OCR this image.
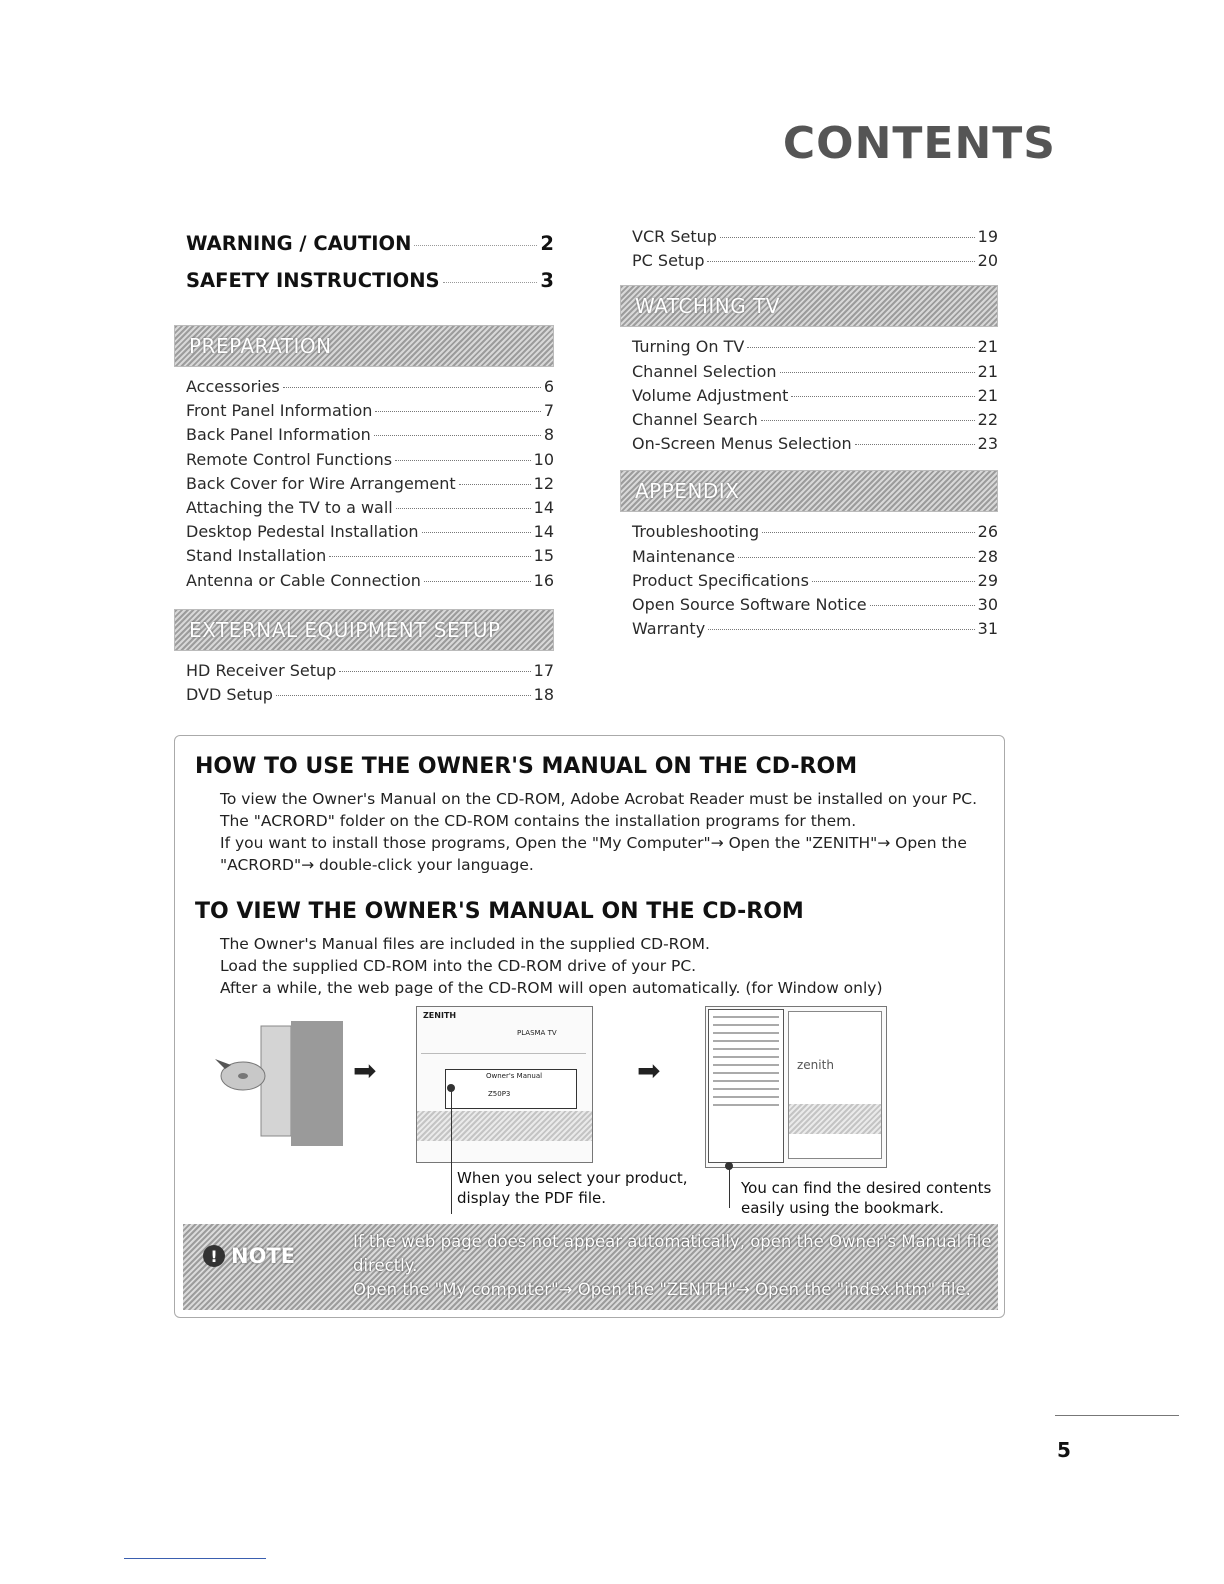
CONTENTS
WARNING / CAUTION	2
SAFETY INSTRUCTIONS	3
PREPARATION
Accessories	6
Front Panel Information	7
Back Panel Information	8
Remote Control Functions	10
Back Cover for Wire Arrangement	12
Attaching the TV to a wall	14
Desktop Pedestal Installation	14
Stand Installation	15
Antenna or Cable Connection	16
EXTERNAL EQUIPMENT SETUP
HD Receiver Setup	17
DVD Setup	18
VCR Setup	19
PC Setup	20
WATCHING TV
Turning On TV	21
Channel Selection	21
Volume Adjustment	21
Channel Search	22
On-Screen Menus Selection	23
APPENDIX
Troubleshooting	26
Maintenance	28
Product Specifications	29
Open Source Software Notice	30
Warranty	31
HOW TO USE THE OWNER'S MANUAL ON THE CD-ROM
To view the Owner's Manual on the CD-ROM, Adobe Acrobat Reader must be installed on your PC.
The "ACRORD" folder on the CD-ROM contains the installation programs for them.
If you want to install those programs, Open the "My Computer"→ Open the "ZENITH"→ Open the
"ACRORD"→ double-click your language.
TO VIEW THE OWNER'S MANUAL ON THE CD-ROM
The Owner's Manual files are included in the supplied CD-ROM.
Load the supplied CD-ROM into the CD-ROM drive of your PC.
After a while, the web page of the CD-ROM will open automatically. (for Window only)
➡
ZENITH
PLASMA TV
Owner's Manual
Z50P3
When you select your product,
display the PDF file.
➡	zenith
You can find the desired contents
easily using the bookmark.
! NOTE
If the web page does not appear automatically, open the Owner's Manual file directly.
Open the "My computer"→ Open the "ZENITH"→ Open the "index.htm" file.
5
